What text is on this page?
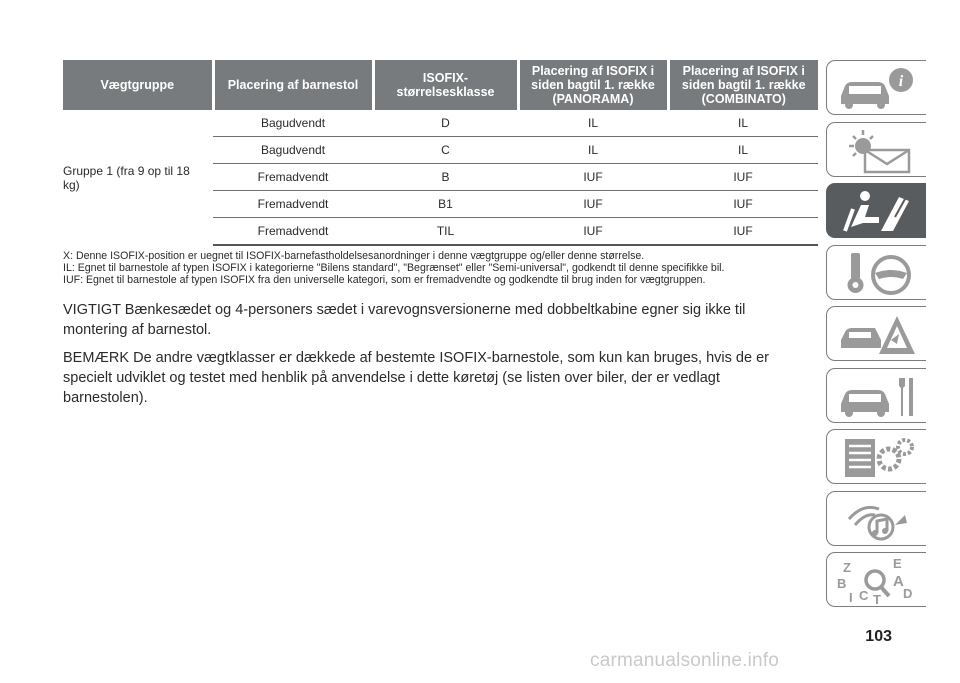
Vægtgruppe	Placering af barnestol	ISOFIX-størrelsesklasse	Placering af ISOFIX i siden bagtil 1. række (PANORAMA)	Placering af ISOFIX i siden bagtil 1. række (COMBINATO)
Gruppe 1 (fra 9 op til 18 kg)	Bagudvendt	D	IL	IL
	Bagudvendt	C	IL	IL
	Fremadvendt	B	IUF	IUF
	Fremadvendt	B1	IUF	IUF
	Fremadvendt	TIL	IUF	IUF
X: Denne ISOFIX-position er uegnet til ISOFIX-barnefastholdelsesanordninger i denne vægtgruppe og/eller denne størrelse.
IL: Egnet til barnestole af typen ISOFIX i kategorierne "Bilens standard", "Begrænset" eller "Semi-universal", godkendt til denne specifikke bil.
IUF: Egnet til barnestole af typen ISOFIX fra den universelle kategori, som er fremadvendte og godkendte til brug inden for vægtgruppen.
VIGTIGT Bænkesædet og 4-personers sædet i varevognsversionerne med dobbeltkabine egner sig ikke til montering af barnestol.
BEMÆRK De andre vægtklasser er dækkede af bestemte ISOFIX-barnestole, som kun kan bruges, hvis de er specielt udviklet og testet med henblik på anvendelse i dette køretøj (se listen over biler, der er vedlagt barnestolen).
i
Z	E
A
B
D
I C T
103
carmanualsonline.info
